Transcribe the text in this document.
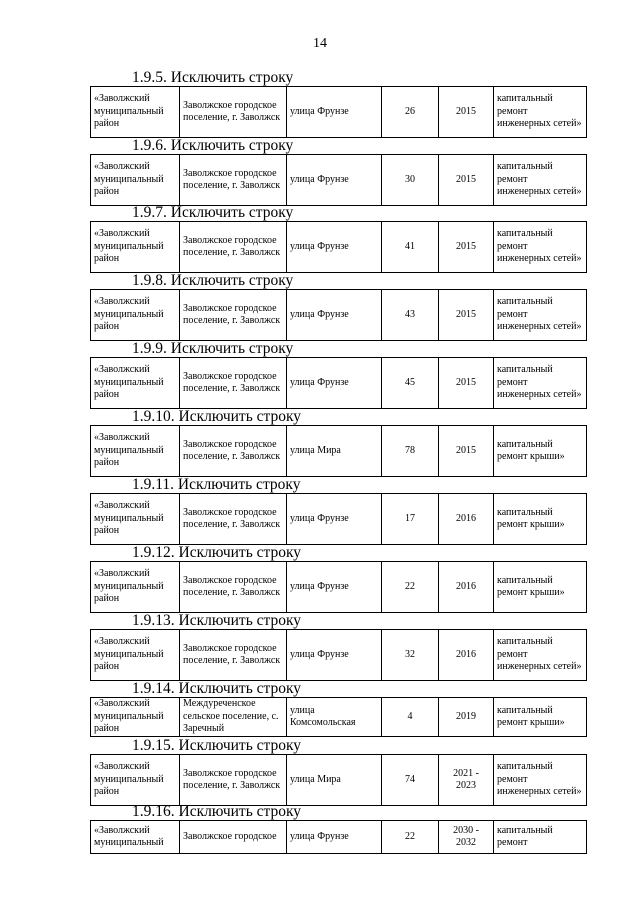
14
1.9.5. Исключить строку
«Заволжский муниципальный район	Заволжское городское поселение, г. Заволжск	улица Фрунзе	26	2015	капитальный ремонт инженерных сетей»
1.9.6. Исключить строку
«Заволжский муниципальный район	Заволжское городское поселение, г. Заволжск	улица Фрунзе	30	2015	капитальный ремонт инженерных сетей»
1.9.7. Исключить строку
«Заволжский муниципальный район	Заволжское городское поселение, г. Заволжск	улица Фрунзе	41	2015	капитальный ремонт инженерных сетей»
1.9.8. Исключить строку
«Заволжский муниципальный район	Заволжское городское поселение, г. Заволжск	улица Фрунзе	43	2015	капитальный ремонт инженерных сетей»
1.9.9. Исключить строку
«Заволжский муниципальный район	Заволжское городское поселение, г. Заволжск	улица Фрунзе	45	2015	капитальный ремонт инженерных сетей»
1.9.10. Исключить строку
«Заволжский муниципальный район	Заволжское городское поселение, г. Заволжск	улица Мира	78	2015	капитальный ремонт крыши»
1.9.11. Исключить строку
«Заволжский муниципальный район	Заволжское городское поселение, г. Заволжск	улица Фрунзе	17	2016	капитальный ремонт крыши»
1.9.12. Исключить строку
«Заволжский муниципальный район	Заволжское городское поселение, г. Заволжск	улица Фрунзе	22	2016	капитальный ремонт крыши»
1.9.13. Исключить строку
«Заволжский муниципальный район	Заволжское городское поселение, г. Заволжск	улица Фрунзе	32	2016	капитальный ремонт инженерных сетей»
1.9.14. Исключить строку
«Заволжский муниципальный район	Междуреченское сельское поселение, с. Заречный	улица Комсомольская	4	2019	капитальный ремонт крыши»
1.9.15. Исключить строку
«Заволжский муниципальный район	Заволжское городское поселение, г. Заволжск	улица Мира	74	2021 - 2023	капитальный ремонт инженерных сетей»
1.9.16. Исключить строку
«Заволжский муниципальный	Заволжское городское	улица Фрунзе	22	2030 - 2032	капитальный ремонт
